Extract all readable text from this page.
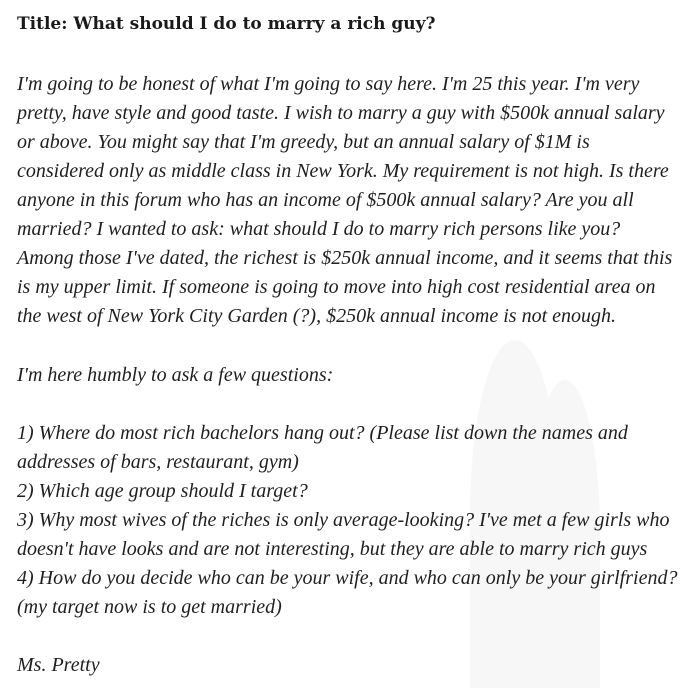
Title: What should I do to marry a rich guy?

I'm going to be honest of what I'm going to say here. I'm 25 this year. I'm very

pretty, have style and good taste. I wish to marry a guy with $500k annual salary

or above. You might say that I'm greedy, but an annual salary of $1M is

considered only as middle class in New York. My requirement is not high. Is there

anyone in this forum who has an income of $500k annual salary? Are you all

married? I wanted to ask: what should I do to marry rich persons like you?

Among those I've dated, the richest is $250k annual income, and it seems that this

is my upper limit. If someone is going to move into high cost residential area on

the west of New York City Garden (?), $250k annual income is not enough.

I'm here humbly to ask a few questions:

1) Where do most rich bachelors hang out? (Please list down the names and

addresses of bars, restaurant, gym)

2) Which age group should I target?

3) Why most wives of the riches is only average-looking? I've met a few girls who

doesn't have looks and are not interesting, but they are able to marry rich guys

4) How do you decide who can be your wife, and who can only be your girlfriend?

(my target now is to get married)

Ms. Pretty
